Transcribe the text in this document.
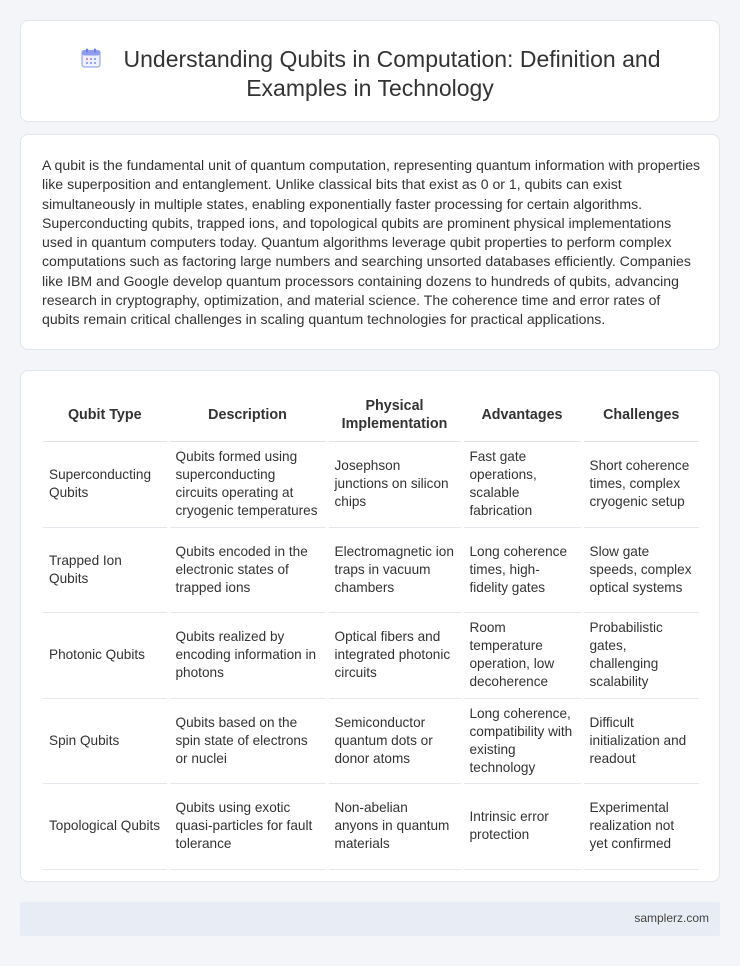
Understanding Qubits in Computation: Definition and
Examples in Technology

A qubit is the fundamental unit of quantum computation, representing quantum information with properties like superposition and entanglement. Unlike classical bits that exist as 0 or 1, qubits can exist simultaneously in multiple states, enabling exponentially faster processing for certain algorithms. Superconducting qubits, trapped ions, and topological qubits are prominent physical implementations used in quantum computers today. Quantum algorithms leverage qubit properties to perform complex computations such as factoring large numbers and searching unsorted databases efficiently. Companies like IBM and Google develop quantum processors containing dozens to hundreds of qubits, advancing research in cryptography, optimization, and material science. The coherence time and error rates of qubits remain critical challenges in scaling quantum technologies for practical applications.

Qubit Type	Description	Physical Implementation	Advantages	Challenges
Superconducting Qubits	Qubits formed using superconducting circuits operating at cryogenic temperatures	Josephson junctions on silicon chips	Fast gate operations, scalable fabrication	Short coherence times, complex cryogenic setup
Trapped Ion Qubits	Qubits encoded in the electronic states of trapped ions	Electromagnetic ion traps in vacuum chambers	Long coherence times, high-fidelity gates	Slow gate speeds, complex optical systems
Photonic Qubits	Qubits realized by encoding information in photons	Optical fibers and integrated photonic circuits	Room temperature operation, low decoherence	Probabilistic gates, challenging scalability
Spin Qubits	Qubits based on the spin state of electrons or nuclei	Semiconductor quantum dots or donor atoms	Long coherence, compatibility with existing technology	Difficult initialization and readout
Topological Qubits	Qubits using exotic quasi-particles for fault tolerance	Non-abelian anyons in quantum materials	Intrinsic error protection	Experimental realization not yet confirmed
samplerz.com
